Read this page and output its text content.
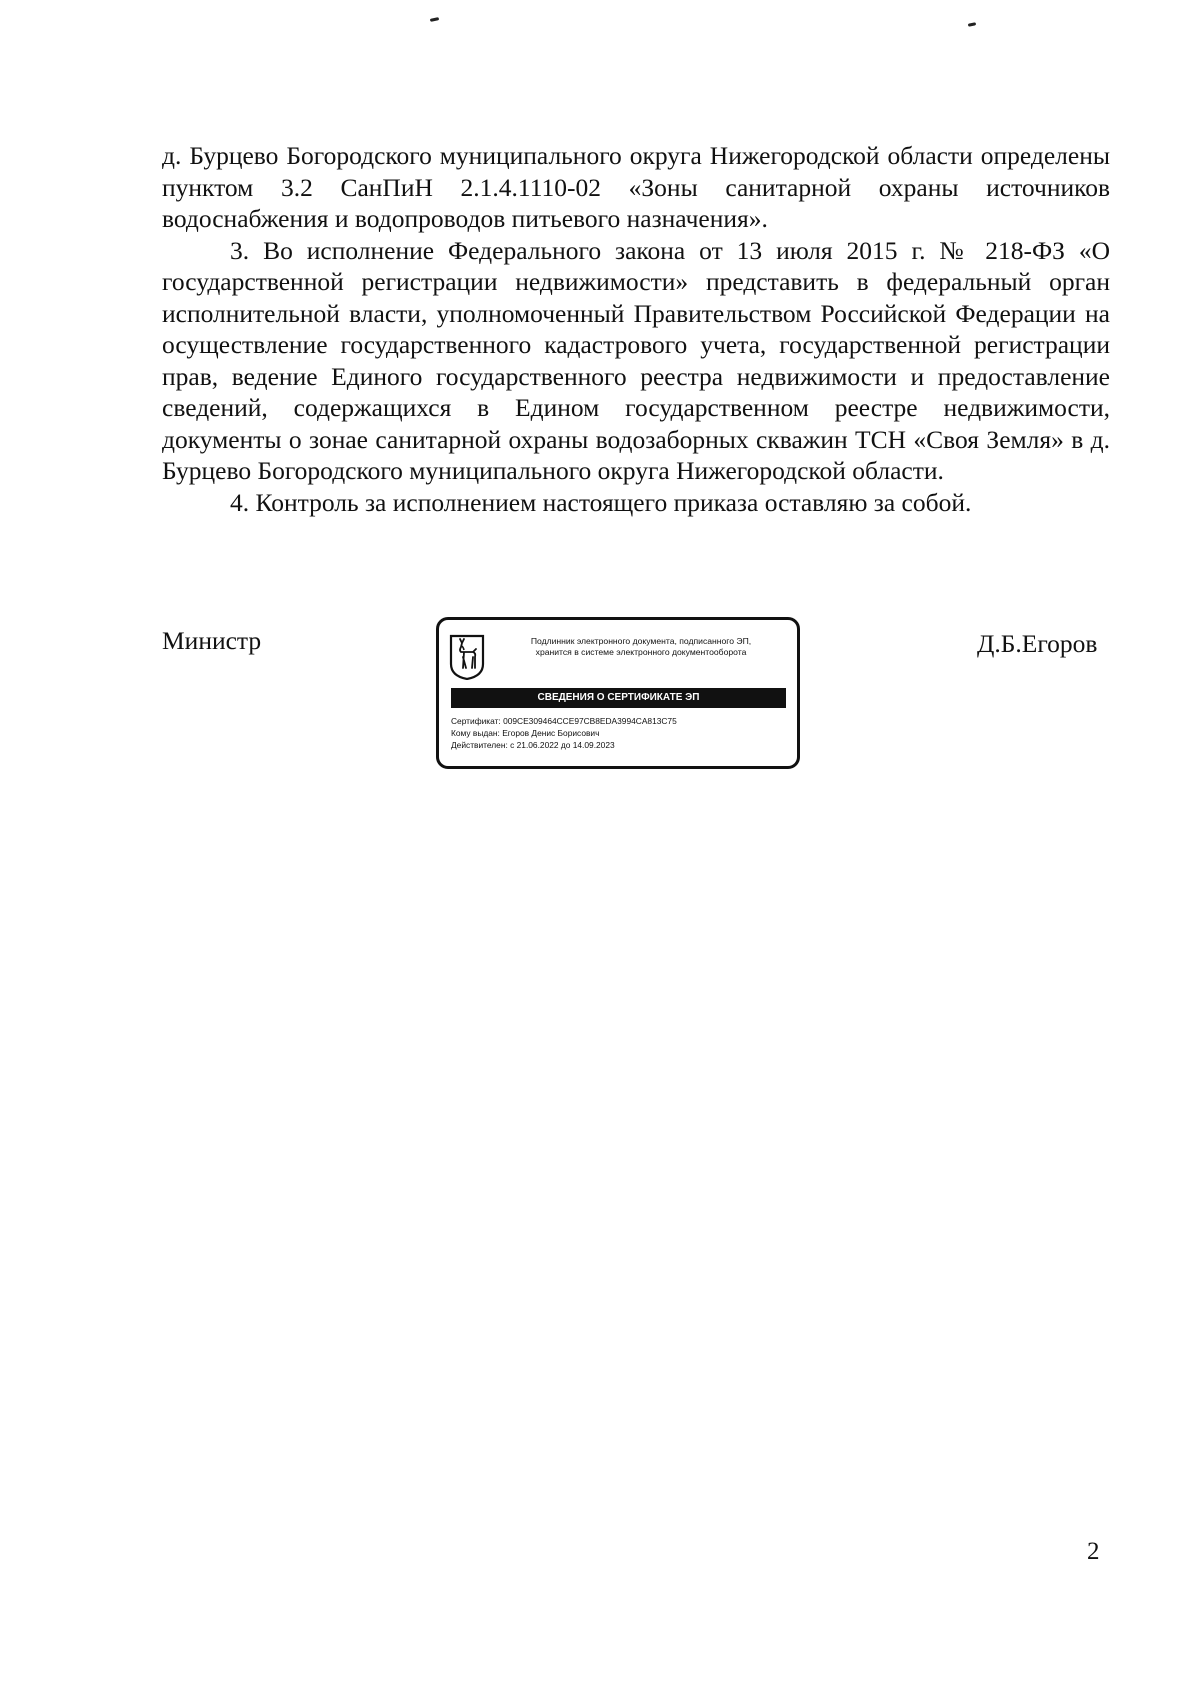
д. Бурцево Богородского муниципального округа Нижегородской области определены пунктом 3.2 СанПиН 2.1.4.1110-02 «Зоны санитарной охраны источников водоснабжения и водопроводов питьевого назначения».

3. Во исполнение Федерального закона от 13 июля 2015 г. № 218-ФЗ «О государственной регистрации недвижимости» представить в федеральный орган исполнительной власти, уполномоченный Правительством Российской Федерации на осуществление государственного кадастрового учета, государственной регистрации прав, ведение Единого государственного реестра недвижимости и предоставление сведений, содержащихся в Едином государственном реестре недвижимости, документы о зонае санитарной охраны водозаборных скважин ТСН «Своя Земля» в д. Бурцево Богородского муниципального округа Нижегородской области.

4. Контроль за исполнением настоящего приказа оставляю за собой.

Министр	Д.Б.Егоров
Подлинник электронного документа, подписанного ЭП,
хранится в системе электронного документооборота
СВЕДЕНИЯ О СЕРТИФИКАТЕ ЭП
Сертификат: 009CE309464CCE97CB8EDA3994CA813C75
Кому выдан: Егоров Денис Борисович
Действителен: с 21.06.2022 до 14.09.2023
2
